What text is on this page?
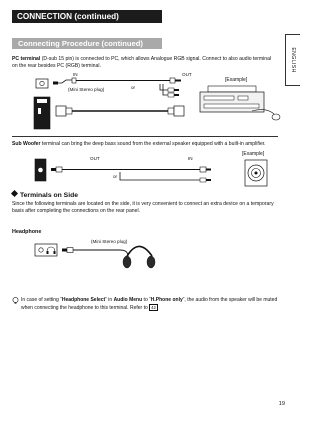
CONNECTION (continued)
Connecting Procedure (continued)
ENGLISH

PC terminal (D-sub 15 pin) is connected to PC, which allows Analogue RGB signal. Connect to also audio terminal on the rear besides PC (RGB) terminal.

IN	OUT
(Mini Stereo plug)	or
[Example]

Sub Woofer terminal can bring the deep bass sound from the external speaker equipped with a built-in amplifier.

OUT	IN
or
[Example]
Terminals on Side

Since the following terminals are located on the side, it is very convenient to connect an extra device on a temporary basis after completing the connections on the rear panel.

Headphone
(Mini Stereo plug)

In case of setting “Headphone Select” in Audio Menu to “H.Phone only”, the audio from the speaker will be muted when connecting the headphone to this terminal. Refer to 42

19
